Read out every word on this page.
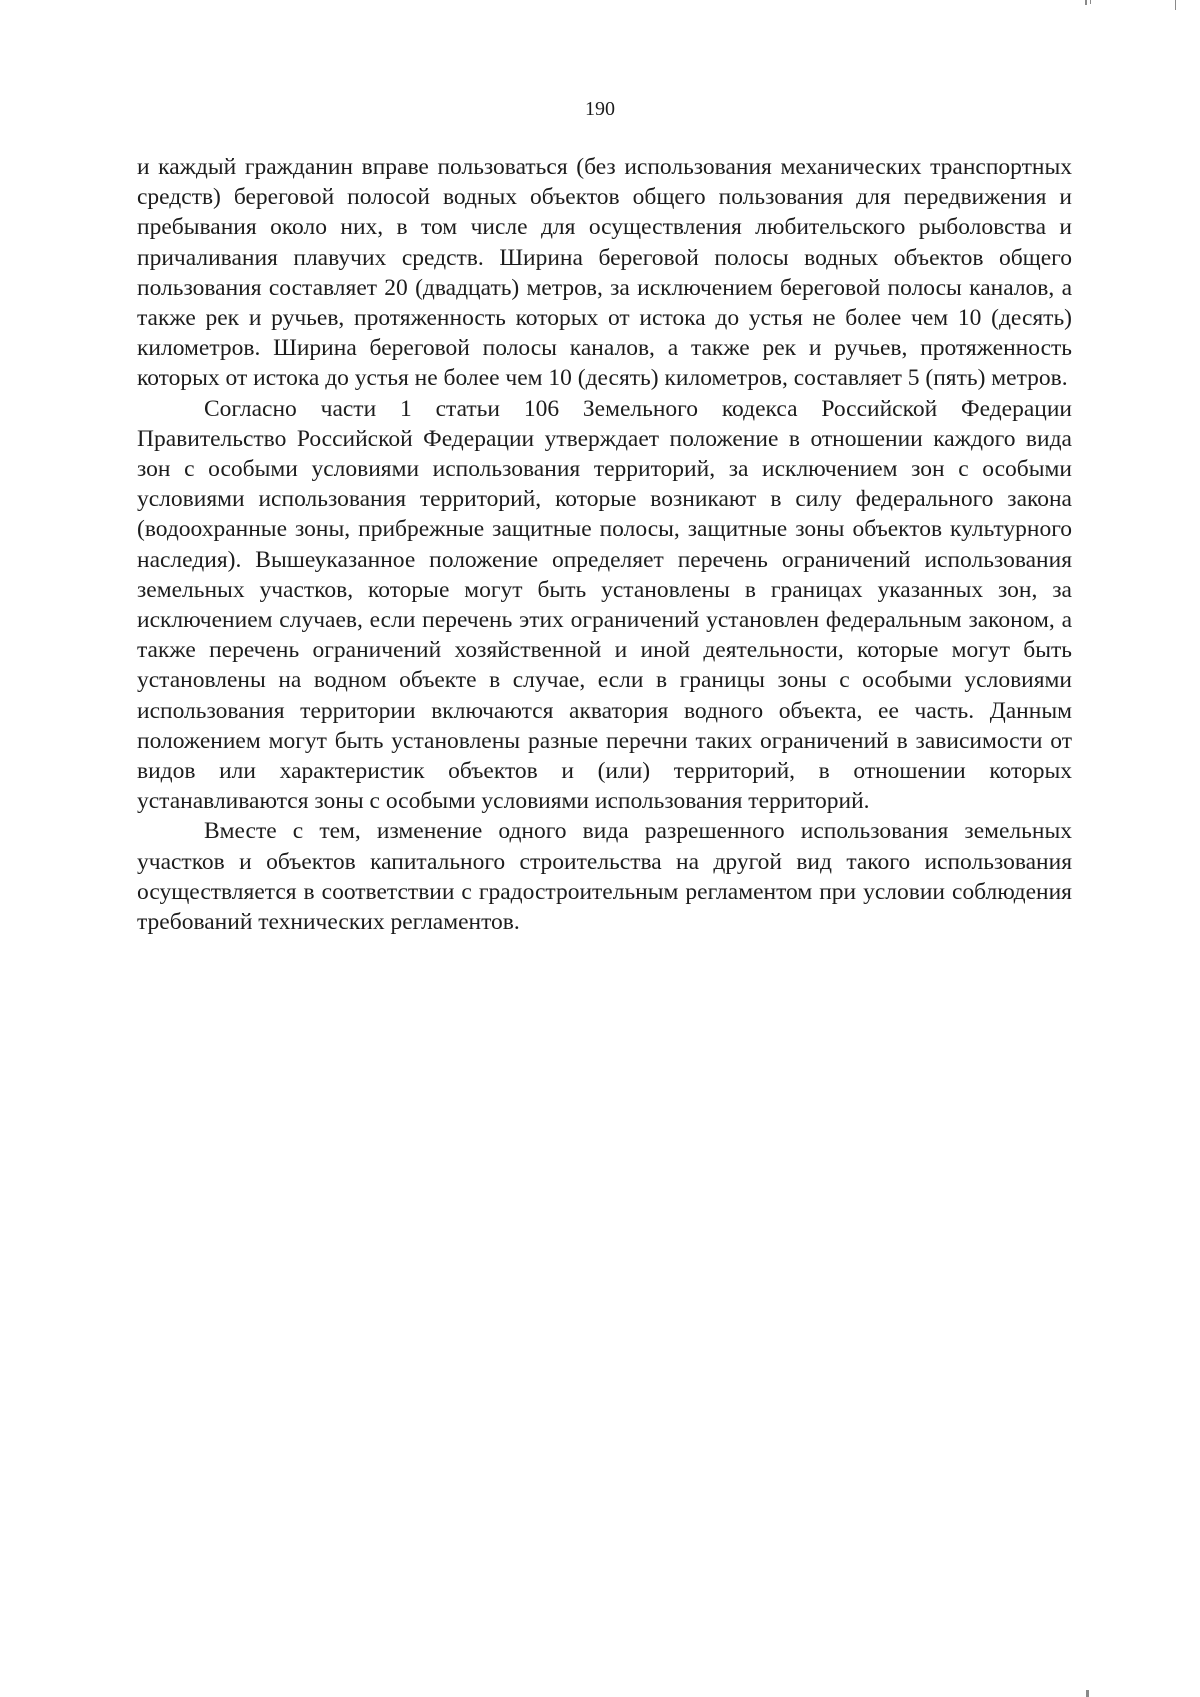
190

и каждый гражданин вправе пользоваться (без использования механических транспортных средств) береговой полосой водных объектов общего пользования для передвижения и пребывания около них, в том числе для осуществления любительского рыболовства и причаливания плавучих средств. Ширина береговой полосы водных объектов общего пользования составляет 20 (двадцать) метров, за исключением береговой полосы каналов, а также рек и ручьев, протяженность которых от истока до устья не более чем 10 (десять) километров. Ширина береговой полосы каналов, а также рек и ручьев, протяженность которых от истока до устья не более чем 10 (десять) километров, составляет 5 (пять) метров.

Согласно части 1 статьи 106 Земельного кодекса Российской Федерации Правительство Российской Федерации утверждает положение в отношении каждого вида зон с особыми условиями использования территорий, за исключением зон с особыми условиями использования территорий, которые возникают в силу федерального закона (водоохранные зоны, прибрежные защитные полосы, защитные зоны объектов культурного наследия). Вышеуказанное положение определяет перечень ограничений использования земельных участков, которые могут быть установлены в границах указанных зон, за исключением случаев, если перечень этих ограничений установлен федеральным законом, а также перечень ограничений хозяйственной и иной деятельности, которые могут быть установлены на водном объекте в случае, если в границы зоны с особыми условиями использования территории включаются акватория водного объекта, ее часть. Данным положением могут быть установлены разные перечни таких ограничений в зависимости от видов или характеристик объектов и (или) территорий, в отношении которых устанавливаются зоны с особыми условиями использования территорий.

Вместе с тем, изменение одного вида разрешенного использования земельных участков и объектов капитального строительства на другой вид такого использования осуществляется в соответствии с градостроительным регламентом при условии соблюдения требований технических регламентов.
